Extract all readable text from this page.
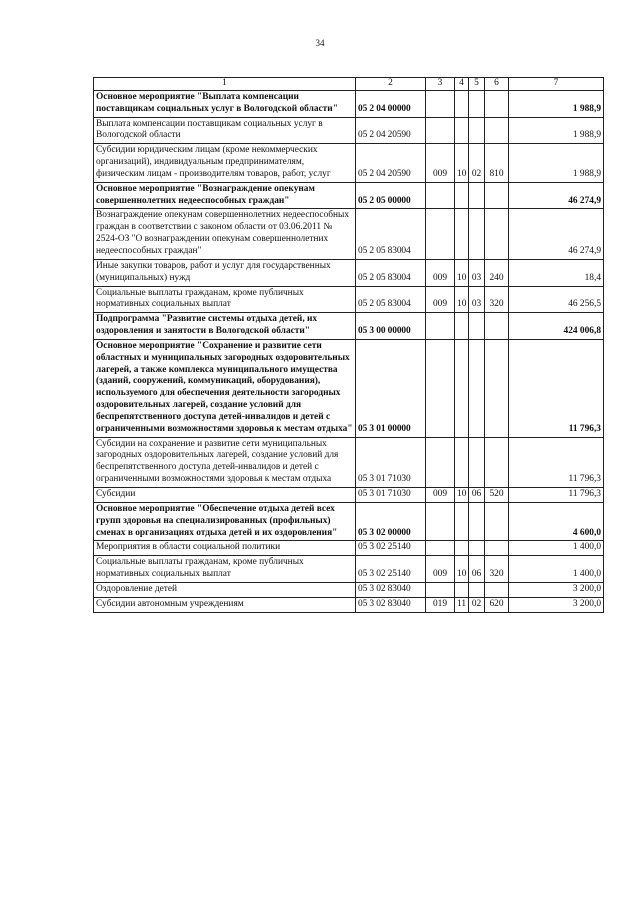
34
1	2	3	4	5	6	7
Основное мероприятие "Выплата компенсации поставщикам социальных услуг в Вологодской области"	05 2 04 00000					1 988,9
Выплата компенсации поставщикам социальных услуг в Вологодской области	05 2 04 20590					1 988,9
Субсидии юридическим лицам (кроме некоммерческих организаций), индивидуальным предпринимателям, физическим лицам - производителям товаров, работ, услуг	05 2 04 20590	009	10	02	810	1 988,9
Основное мероприятие "Вознаграждение опекунам совершеннолетних недееспособных граждан"	05 2 05 00000					46 274,9
Вознаграждение опекунам совершеннолетних недееспособных граждан в соответствии с законом области от 03.06.2011 № 2524-ОЗ "О вознаграждении опекунам совершеннолетних недееспособных граждан"	05 2 05 83004					46 274,9
Иные закупки товаров, работ и услуг для государственных (муниципальных) нужд	05 2 05 83004	009	10	03	240	18,4
Социальные выплаты гражданам, кроме публичных нормативных социальных выплат	05 2 05 83004	009	10	03	320	46 256,5
Подпрограмма "Развитие системы отдыха детей, их оздоровления и занятости в Вологодской области"	05 3 00 00000					424 006,8
Основное мероприятие "Сохранение и развитие сети областных и муниципальных загородных оздоровительных лагерей, а также комплекса муниципального имущества (зданий, сооружений, коммуникаций, оборудования), используемого для обеспечения деятельности загородных оздоровительных лагерей, создание условий для беспрепятственного доступа детей-инвалидов и детей с ограниченными возможностями здоровья к местам отдыха"	05 3 01 00000					11 796,3
Субсидии на сохранение и развитие сети муниципальных загородных оздоровительных лагерей, создание условий для беспрепятственного доступа детей-инвалидов и детей с ограниченными возможностями здоровья к местам отдыха	05 3 01 71030					11 796,3
Субсидии	05 3 01 71030	009	10	06	520	11 796,3
Основное мероприятие "Обеспечение отдыха детей всех групп здоровья на специализированных (профильных) сменах в организациях отдыха детей и их оздоровления"	05 3 02 00000					4 600,0
Мероприятия в области социальной политики	05 3 02 25140					1 400,0
Социальные выплаты гражданам, кроме публичных нормативных социальных выплат	05 3 02 25140	009	10	06	320	1 400,0
Оздоровление детей	05 3 02 83040					3 200,0
Субсидии автономным учреждениям	05 3 02 83040	019	11	02	620	3 200,0
